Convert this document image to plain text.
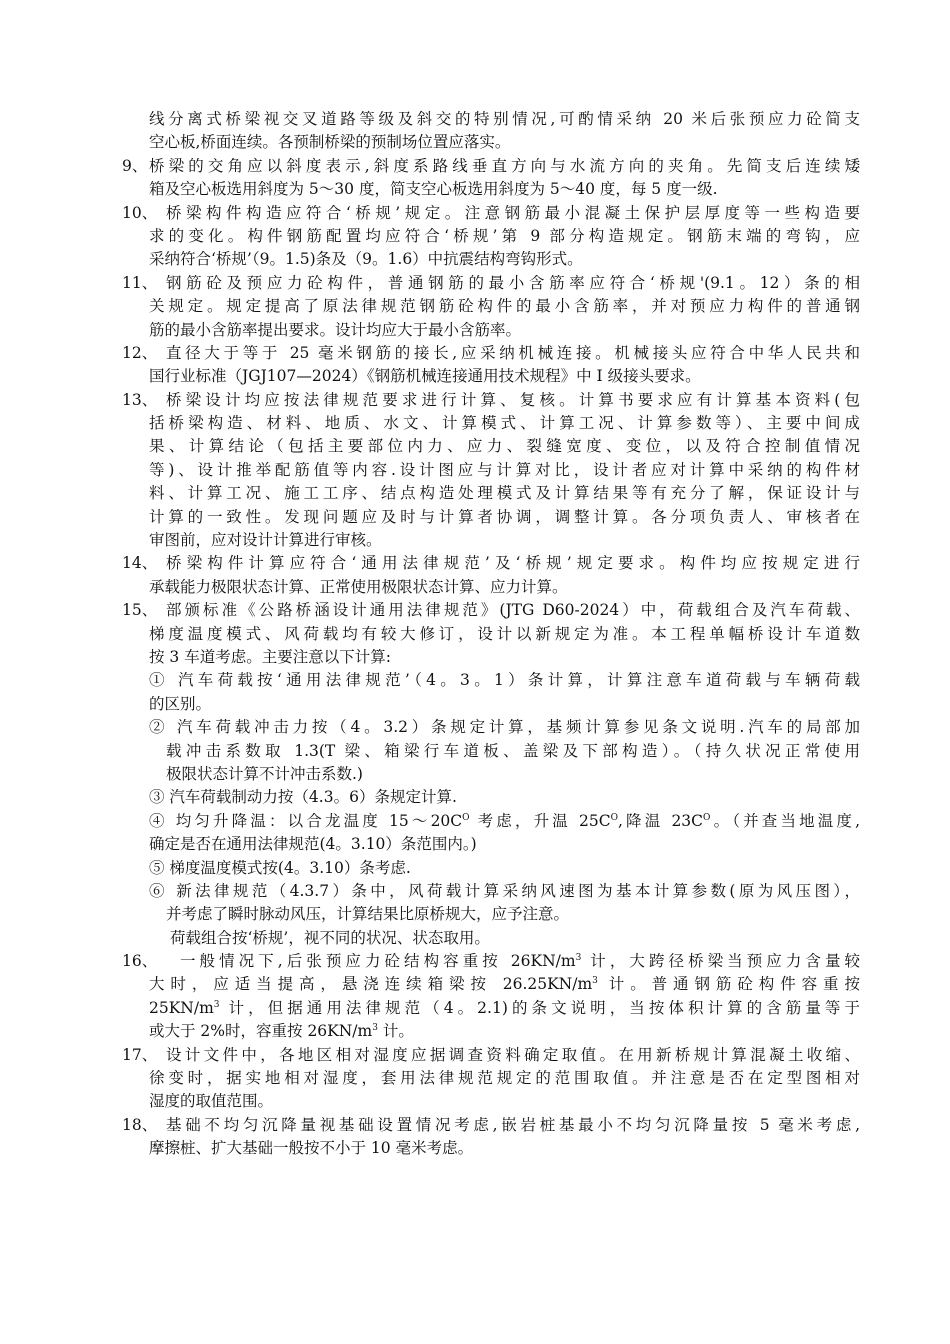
线分离式桥梁视交叉道路等级及斜交的特别情况,可酌情采纳 20 米后张预应力砼简支
空心板,桥面连续。各预制桥梁的预制场位置应落实。
9、 桥梁的交角应以斜度表示,斜度系路线垂直方向与水流方向的夹角。先简支后连续矮
箱及空心板选用斜度为 5～30 度，简支空心板选用斜度为 5～40 度，每 5 度一级.
10、 桥梁构件构造应符合‘桥规’规定。注意钢筋最小混凝土保护层厚度等一些构造要
求的变化。构件钢筋配置均应符合‘桥规’第 9 部分构造规定。钢筋末端的弯钩，应
采纳符合‘桥规’（9。1.5)条及（9。1.6）中抗震结构弯钩形式。
11、 钢筋砼及预应力砼构件，普通钢筋的最小含筋率应符合‘桥规'(9.1。12）条的相
关规定。规定提高了原法律规范钢筋砼构件的最小含筋率，并对预应力构件的普通钢
筋的最小含筋率提出要求。设计均应大于最小含筋率。
12、 直径大于等于 25 毫米钢筋的接长,应采纳机械连接。机械接头应符合中华人民共和
国行业标准（JGJ107—2024）《钢筋机械连接通用技术规程》中 I 级接头要求。
13、 桥梁设计均应按法律规范要求进行计算、复核。计算书要求应有计算基本资料(包
括桥梁构造、材料、地质、水文、计算模式、计算工况、计算参数等）、主要中间成
果、计算结论（包括主要部位内力、应力、裂缝宽度、变位，以及符合控制值情况
等)、设计推举配筋值等内容.设计图应与计算对比，设计者应对计算中采纳的构件材
料、计算工况、施工工序、结点构造处理模式及计算结果等有充分了解，保证设计与
计算的一致性。发现问题应及时与计算者协调，调整计算。各分项负责人、审核者在
审图前，应对设计计算进行审核。
14、 桥梁构件计算应符合‘通用法律规范’及‘桥规’规定要求。构件均应按规定进行
承载能力极限状态计算、正常使用极限状态计算、应力计算。
15、 部颁标准《公路桥涵设计通用法律规范》(JTG D60-2024）中，荷载组合及汽车荷载、
梯度温度模式、风荷载均有较大修订，设计以新规定为准。本工程单幅桥设计车道数
按 3 车道考虑。主要注意以下计算:
① 汽车荷载按‘通用法律规范’（4。3。1）条计算，计算注意车道荷载与车辆荷载
的区别。
② 汽车荷载冲击力按（4。3.2）条规定计算，基频计算参见条文说明.汽车的局部加
载冲击系数取 1.3(T 梁、箱梁行车道板、盖梁及下部构造）。（持久状况正常使用
极限状态计算不计冲击系数.)
③ 汽车荷载制动力按（4.3。6）条规定计算.
④ 均匀升降温：以合龙温度 $15\sim 20C^O$ 考虑，升温 $25C^O$,降温 $23C^O$。（并查当地温度,
确定是否在通用法律规范(4。3.10）条范围内。)
⑤ 梯度温度模式按(4。3.10）条考虑.
⑥ 新法律规范（4.3.7）条中，风荷载计算采纳风速图为基本计算参数(原为风压图），
并考虑了瞬时脉动风压，计算结果比原桥规大，应予注意。
荷载组合按‘桥规’，视不同的状况、状态取用。
16、 一般情况下,后张预应力砼结构容重按 $26KN/m^3$ 计，大跨径桥梁当预应力含量较
大时，应适当提高，悬浇连续箱梁按 $26.25KN/m^3$ 计。普通钢筋砼构件容重按
$25KN/m^3$ 计，但据通用法律规范（4。2.1)的条文说明，当按体积计算的含筋量等于
或大于 2%时，容重按 $26KN/m^3$ 计。
17、 设计文件中，各地区相对湿度应据调查资料确定取值。在用新桥规计算混凝土收缩、
徐变时，据实地相对湿度，套用法律规范规定的范围取值。并注意是否在定型图相对
湿度的取值范围。
18、 基础不均匀沉降量视基础设置情况考虑,嵌岩桩基最小不均匀沉降量按 5 毫米考虑,
摩擦桩、扩大基础一般按不小于 10 毫米考虑。
